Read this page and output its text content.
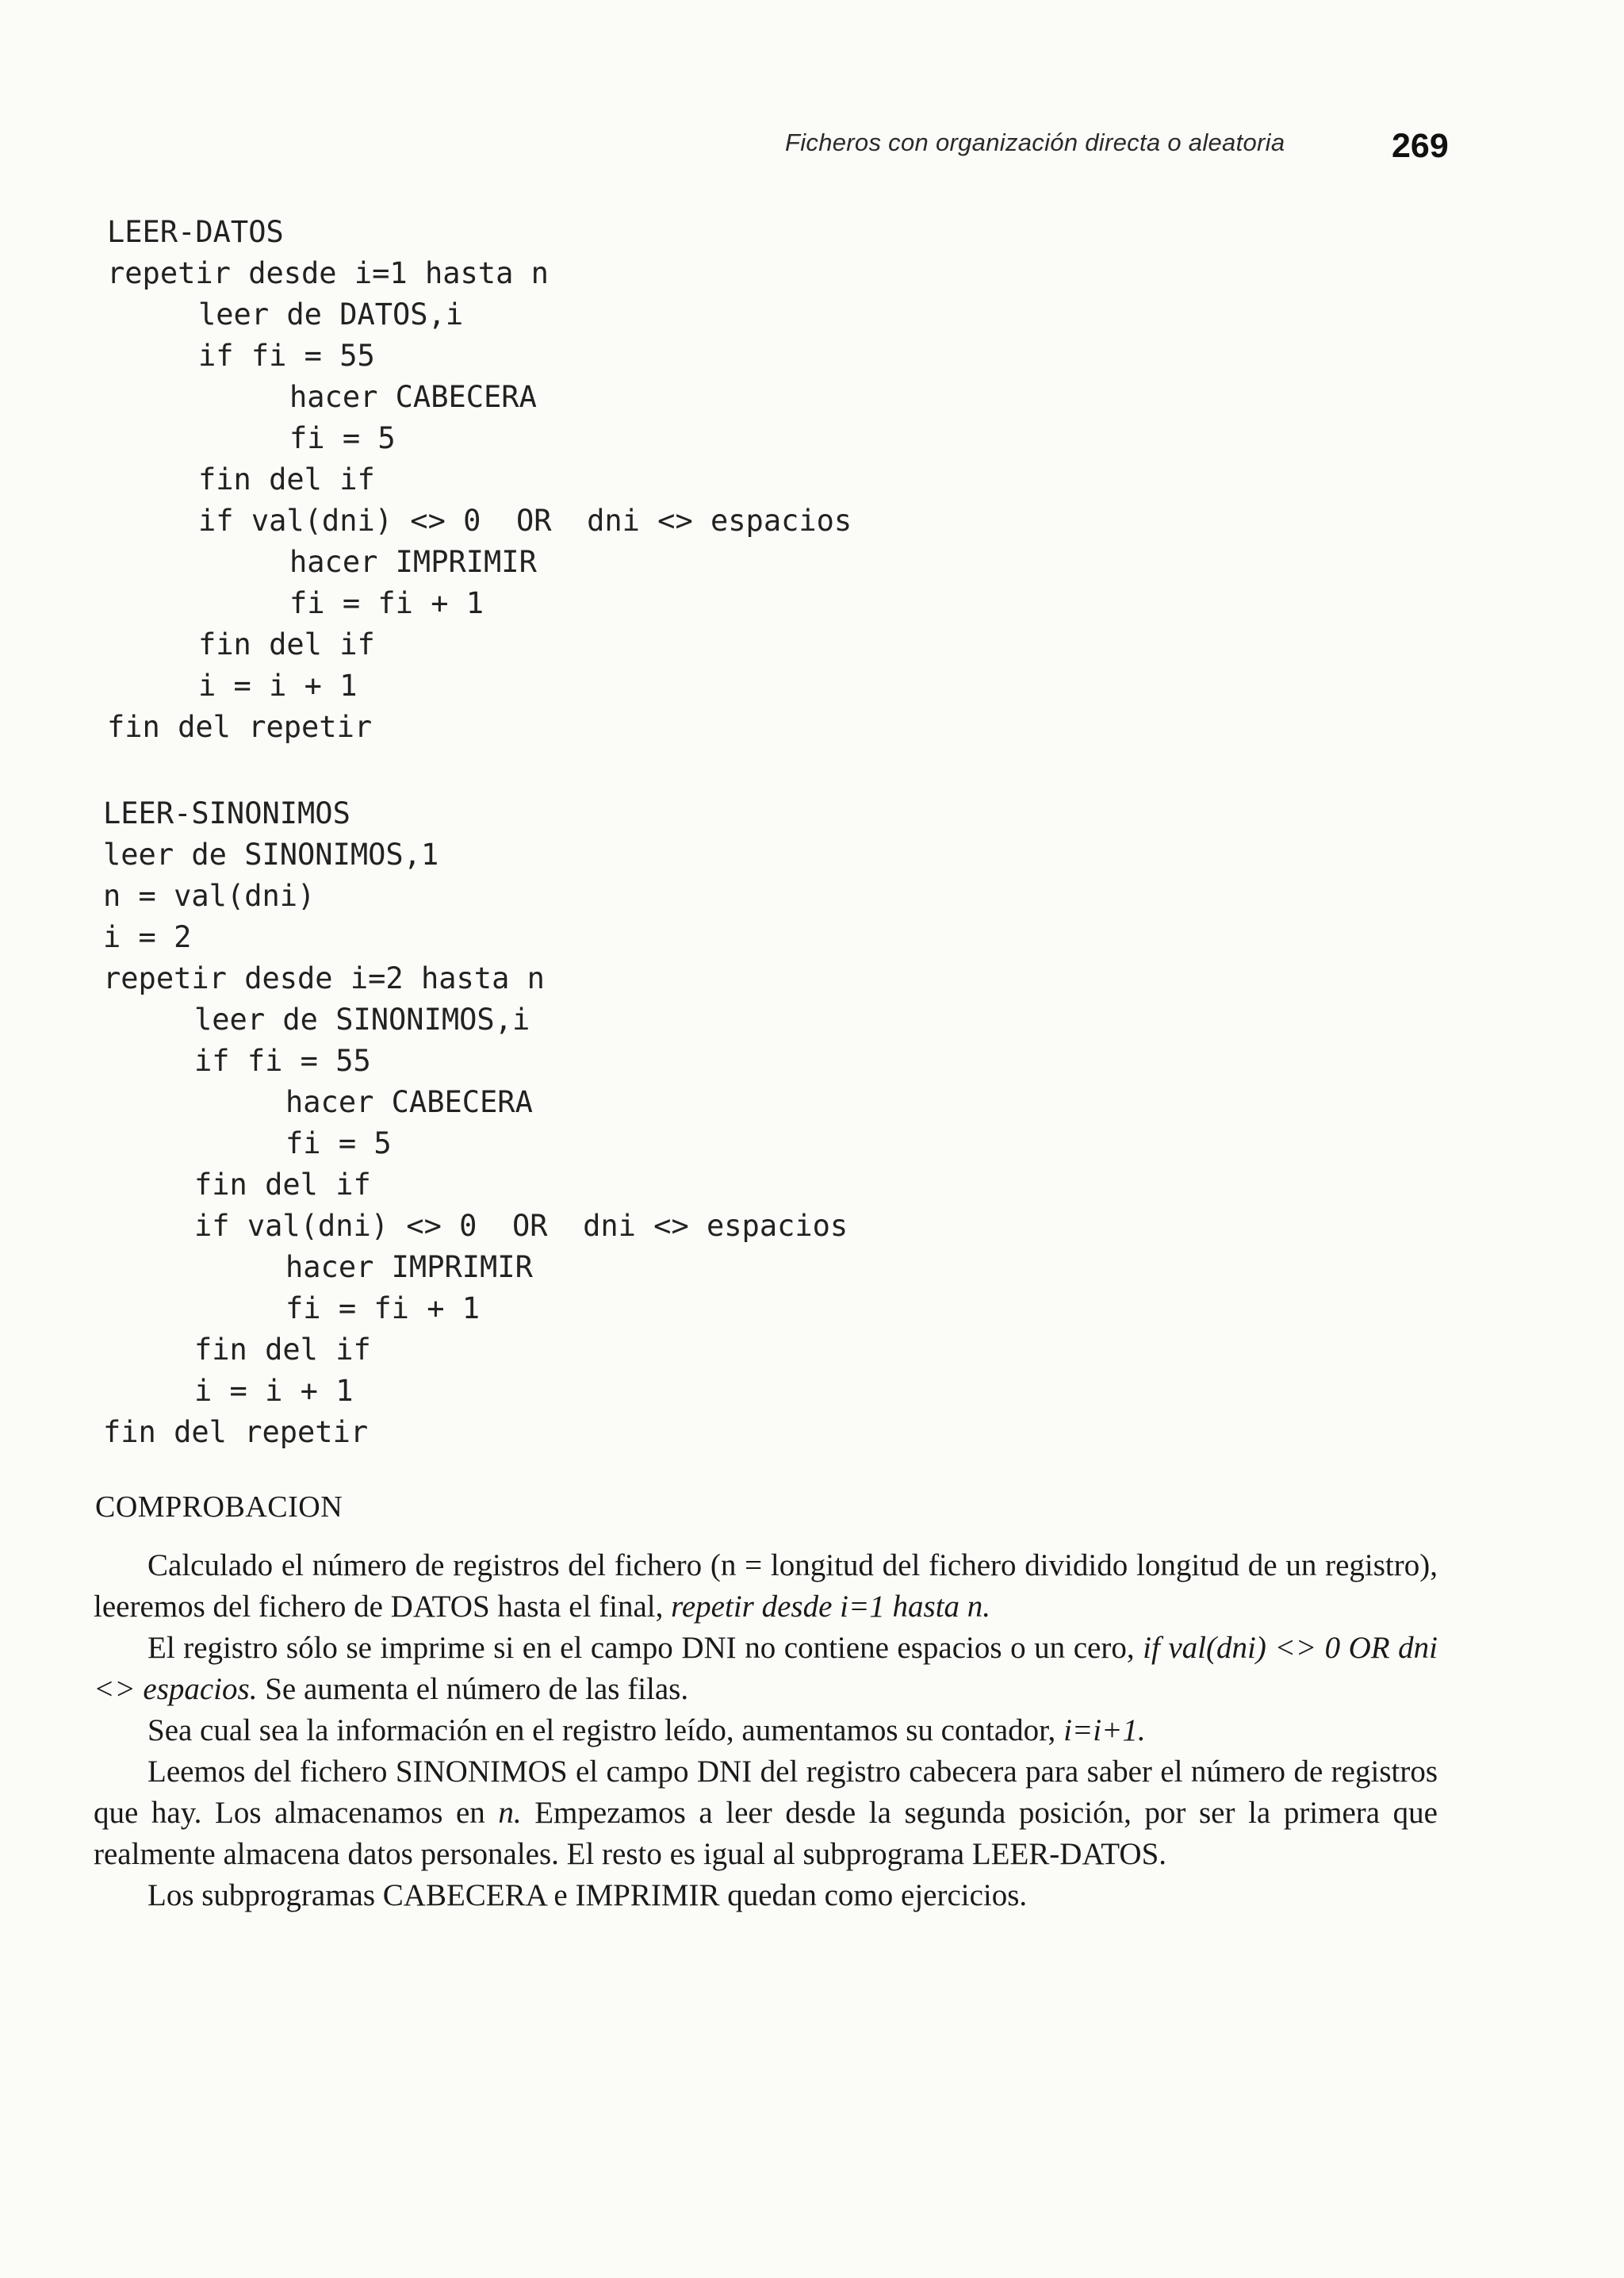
Ficheros con organización directa o aleatoria	269
LEER-DATOS
repetir desde i=1 hasta n
leer de DATOS,i
if fi = 55
hacer CABECERA
fi = 5
fin del if
if val(dni) <> 0  OR  dni <> espacios
hacer IMPRIMIR
fi = fi + 1
fin del if
i = i + 1
fin del repetir
LEER-SINONIMOS
leer de SINONIMOS,1
n = val(dni)
i = 2
repetir desde i=2 hasta n
leer de SINONIMOS,i
if fi = 55
hacer CABECERA
fi = 5
fin del if
if val(dni) <> 0  OR  dni <> espacios
hacer IMPRIMIR
fi = fi + 1
fin del if
i = i + 1
fin del repetir
COMPROBACION

Calculado el número de registros del fichero (n = longitud del fichero dividido longitud de un registro), leeremos del fichero de DATOS hasta el final, repetir desde i=1 hasta n.

El registro sólo se imprime si en el campo DNI no contiene espacios o un cero, if val(dni) <> 0 OR dni <> espacios. Se aumenta el número de las filas.

Sea cual sea la información en el registro leído, aumentamos su contador, i=i+1.

Leemos del fichero SINONIMOS el campo DNI del registro cabecera para saber el número de registros que hay. Los almacenamos en n. Empezamos a leer desde la segunda posición, por ser la primera que realmente almacena datos personales. El resto es igual al subprograma LEER-DATOS.

Los subprogramas CABECERA e IMPRIMIR quedan como ejercicios.
